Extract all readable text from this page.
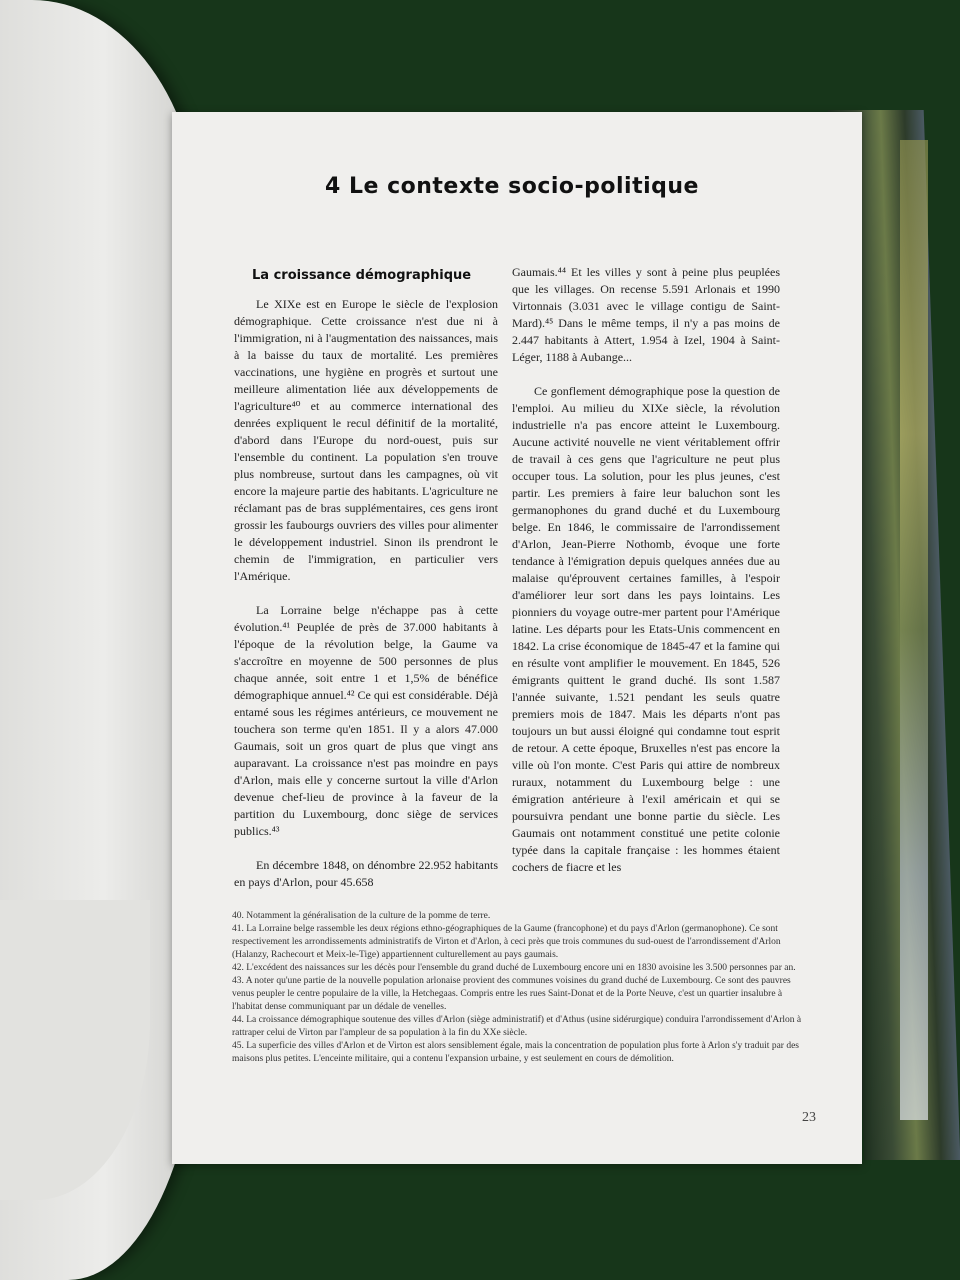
4 Le contexte socio-politique
La croissance démographique

Le XIXe est en Europe le siècle de l'explosion démographique. Cette croissance n'est due ni à l'immigration, ni à l'augmentation des naissances, mais à la baisse du taux de mortalité. Les premières vaccinations, une hygiène en progrès et surtout une meilleure alimentation liée aux développements de l'agriculture⁴⁰ et au commerce international des denrées expliquent le recul définitif de la mortalité, d'abord dans l'Europe du nord-ouest, puis sur l'ensemble du continent. La population s'en trouve plus nombreuse, surtout dans les campagnes, où vit encore la majeure partie des habitants. L'agriculture ne réclamant pas de bras supplémentaires, ces gens iront grossir les faubourgs ouvriers des villes pour alimenter le développement industriel. Sinon ils prendront le chemin de l'immigration, en particulier vers l'Amérique.

La Lorraine belge n'échappe pas à cette évolution.⁴¹ Peuplée de près de 37.000 habitants à l'époque de la révolution belge, la Gaume va s'accroître en moyenne de 500 personnes de plus chaque année, soit entre 1 et 1,5% de bénéfice démographique annuel.⁴² Ce qui est considérable. Déjà entamé sous les régimes antérieurs, ce mouvement ne touchera son terme qu'en 1851. Il y a alors 47.000 Gaumais, soit un gros quart de plus que vingt ans auparavant. La croissance n'est pas moindre en pays d'Arlon, mais elle y concerne surtout la ville d'Arlon devenue chef-lieu de province à la faveur de la partition du Luxembourg, donc siège de services publics.⁴³

En décembre 1848, on dénombre 22.952 habitants en pays d'Arlon, pour 45.658

Gaumais.⁴⁴ Et les villes y sont à peine plus peuplées que les villages. On recense 5.591 Arlonais et 1990 Virtonnais (3.031 avec le village contigu de Saint-Mard).⁴⁵ Dans le même temps, il n'y a pas moins de 2.447 habitants à Attert, 1.954 à Izel, 1904 à Saint-Léger, 1188 à Aubange...

Ce gonflement démographique pose la question de l'emploi. Au milieu du XIXe siècle, la révolution industrielle n'a pas encore atteint le Luxembourg. Aucune activité nouvelle ne vient véritablement offrir de travail à ces gens que l'agriculture ne peut plus occuper tous. La solution, pour les plus jeunes, c'est partir. Les premiers à faire leur baluchon sont les germanophones du grand duché et du Luxembourg belge. En 1846, le commissaire de l'arrondissement d'Arlon, Jean-Pierre Nothomb, évoque une forte tendance à l'émigration depuis quelques années due au malaise qu'éprouvent certaines familles, à l'espoir d'améliorer leur sort dans les pays lointains. Les pionniers du voyage outre-mer partent pour l'Amérique latine. Les départs pour les Etats-Unis commencent en 1842. La crise économique de 1845-47 et la famine qui en résulte vont amplifier le mouvement. En 1845, 526 émigrants quittent le grand duché. Ils sont 1.587 l'année suivante, 1.521 pendant les seuls quatre premiers mois de 1847. Mais les départs n'ont pas toujours un but aussi éloigné qui condamne tout esprit de retour. A cette époque, Bruxelles n'est pas encore la ville où l'on monte. C'est Paris qui attire de nombreux ruraux, notamment du Luxembourg belge : une émigration antérieure à l'exil américain et qui se poursuivra pendant une bonne partie du siècle. Les Gaumais ont notamment constitué une petite colonie typée dans la capitale française : les hommes étaient cochers de fiacre et les

40. Notamment la généralisation de la culture de la pomme de terre.
41. La Lorraine belge rassemble les deux régions ethno-géographiques de la Gaume (francophone) et du pays d'Arlon (germanophone). Ce sont respectivement les arrondissements administratifs de Virton et d'Arlon, à ceci près que trois communes du sud-ouest de l'arrondissement d'Arlon (Halanzy, Rachecourt et Meix-le-Tige) appartiennent culturellement au pays gaumais.
42. L'excédent des naissances sur les décès pour l'ensemble du grand duché de Luxembourg encore uni en 1830 avoisine les 3.500 personnes par an.
43. A noter qu'une partie de la nouvelle population arlonaise provient des communes voisines du grand duché de Luxembourg. Ce sont des pauvres venus peupler le centre populaire de la ville, la Hetchegaas. Compris entre les rues Saint-Donat et de la Porte Neuve, c'est un quartier insalubre à l'habitat dense communiquant par un dédale de venelles.
44. La croissance démographique soutenue des villes d'Arlon (siège administratif) et d'Athus (usine sidérurgique) conduira l'arrondissement d'Arlon à rattraper celui de Virton par l'ampleur de sa population à la fin du XXe siècle.
45. La superficie des villes d'Arlon et de Virton est alors sensiblement égale, mais la concentration de population plus forte à Arlon s'y traduit par des maisons plus petites. L'enceinte militaire, qui a contenu l'expansion urbaine, y est seulement en cours de démolition.
23
